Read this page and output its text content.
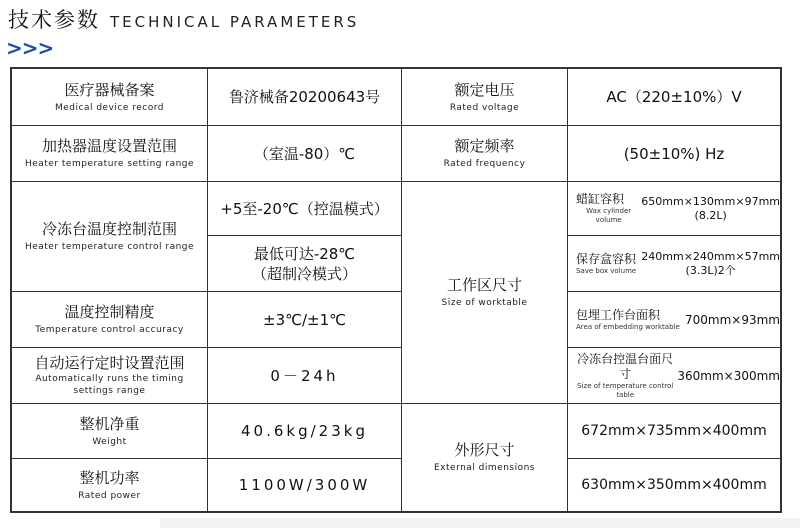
技术参数 TECHNICAL PARAMETERS
>>>
医疗器械备案
Medical device record
鲁济械备20200643号
加热器温度设置范围
Heater temperature setting range
（室温-80）℃
冷冻台温度控制范围
Heater temperature control range
+5至-20℃（控温模式）
最低可达-28℃
（超制冷模式）
温度控制精度
Temperature control accuracy
±3℃/±1℃
自动运行定时设置范围
Automatically runs the timing
settings range
0－24h
整机净重
Weight
40.6kg/23kg
整机功率
Rated power
1100W/300W
额定电压
Rated voltage
AC（220±10%）V
额定频率
Rated frequency
(50±10%) Hz
工作区尺寸
Size of worktable
蜡缸容积
Wax cylinder volume
650mm×130mm×97mm
(8.2L)
保存盒容积
Save box volume
240mm×240mm×57mm
(3.3L)2个
包埋工作台面积
Area of embedding worktable 700mm×93mm
冷冻台控温台面尺寸
Size of temperature control table
360mm×300mm
外形尺寸
External dimensions
672mm×735mm×400mm
630mm×350mm×400mm
